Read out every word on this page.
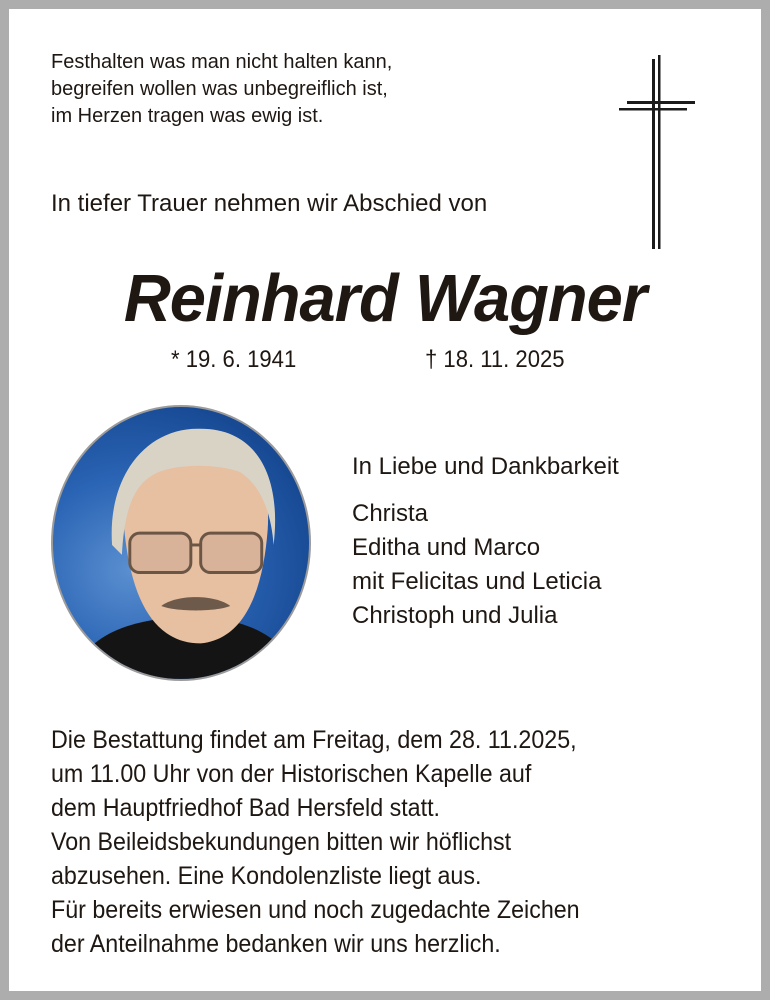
Festhalten was man nicht halten kann,
begreifen wollen was unbegreiflich ist,
im Herzen tragen was ewig ist.

In tiefer Trauer nehmen wir Abschied von

Reinhard Wagner
* 19. 6. 1941	† 18. 11. 2025

In Liebe und Dankbarkeit

Christa
Editha und Marco
mit Felicitas und Leticia
Christoph und Julia
Die Bestattung findet am Freitag, dem 28. 11.2025,
um 11.00 Uhr von der Historischen Kapelle auf
dem Hauptfriedhof Bad Hersfeld statt.
Von Beileidsbekundungen bitten wir höflichst
abzusehen. Eine Kondolenzliste liegt aus.
Für bereits erwiesen und noch zugedachte Zeichen
der Anteilnahme bedanken wir uns herzlich.
